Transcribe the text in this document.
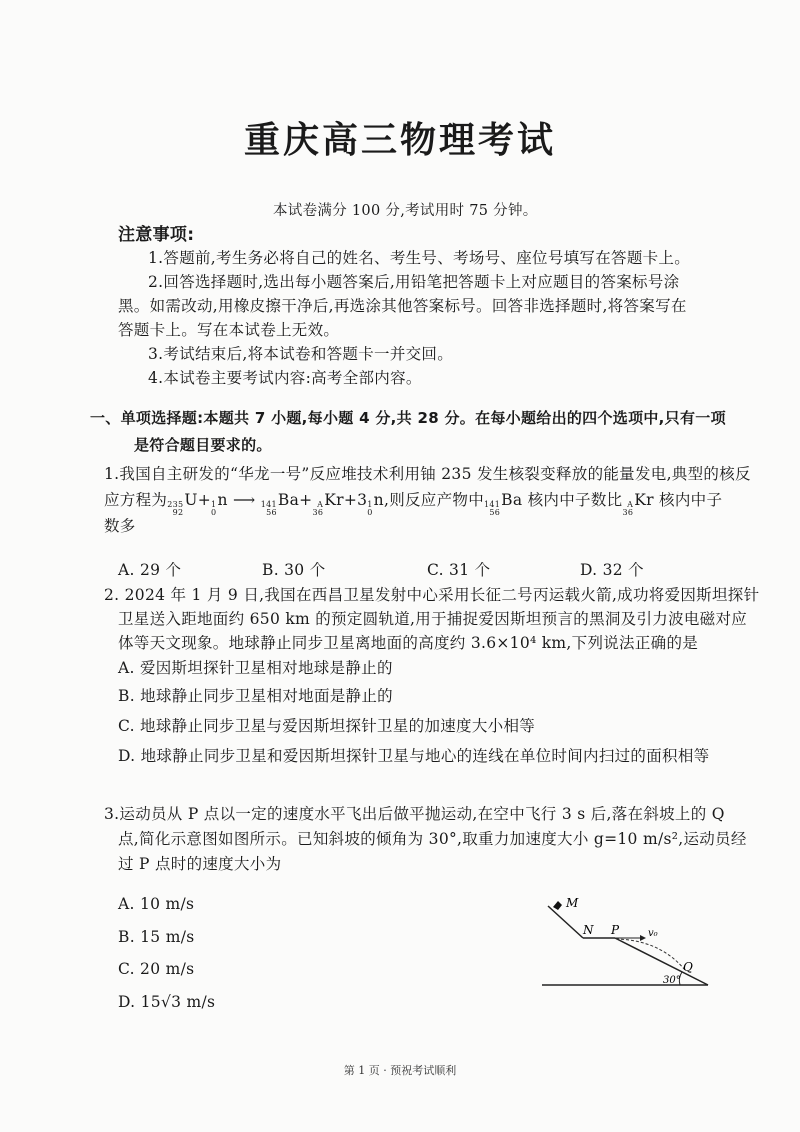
重庆高三物理考试
本试卷满分 100 分,考试用时 75 分钟。
注意事项:
1.答题前,考生务必将自己的姓名、考生号、考场号、座位号填写在答题卡上。
2.回答选择题时,选出每小题答案后,用铅笔把答题卡上对应题目的答案标号涂
黑。如需改动,用橡皮擦干净后,再选涂其他答案标号。回答非选择题时,将答案写在
答题卡上。写在本试卷上无效。
3.考试结束后,将本试卷和答题卡一并交回。
4.本试卷主要考试内容:高考全部内容。
一、单项选择题:本题共 7 小题,每小题 4 分,共 28 分。在每小题给出的四个选项中,只有一项
是符合题目要求的。
1.我国自主研发的“华龙一号”反应堆技术利用铀 235 发生核裂变释放的能量发电,典型的核反
应方程为 235
92
U+ 1
0
n ⟶ 141
56
Ba+ A
36
Kr+3 1
0
n,则反应产物中 141
56
Ba 核内中子数比 A
36
Kr 核内中子
数多
A. 29 个	B. 30 个	C. 31 个	D. 32 个
2. 2024 年 1 月 9 日,我国在西昌卫星发射中心采用长征二号丙运载火箭,成功将爱因斯坦探针
卫星送入距地面约 650 km 的预定圆轨道,用于捕捉爱因斯坦预言的黑洞及引力波电磁对应
体等天文现象。地球静止同步卫星离地面的高度约 3.6×10⁴ km,下列说法正确的是
A. 爱因斯坦探针卫星相对地球是静止的
B. 地球静止同步卫星相对地面是静止的
C. 地球静止同步卫星与爱因斯坦探针卫星的加速度大小相等
D. 地球静止同步卫星和爱因斯坦探针卫星与地心的连线在单位时间内扫过的面积相等
3.运动员从 P 点以一定的速度水平飞出后做平抛运动,在空中飞行 3 s 后,落在斜坡上的 Q
点,简化示意图如图所示。已知斜坡的倾角为 30°,取重力加速度大小 g=10 m/s²,运动员经
过 P 点时的速度大小为
A. 10 m/s
B. 15 m/s
C. 20 m/s
D. 15√3 m/s
M
N P	v₀
Q
30°
第 1 页 · 预祝考试顺利
